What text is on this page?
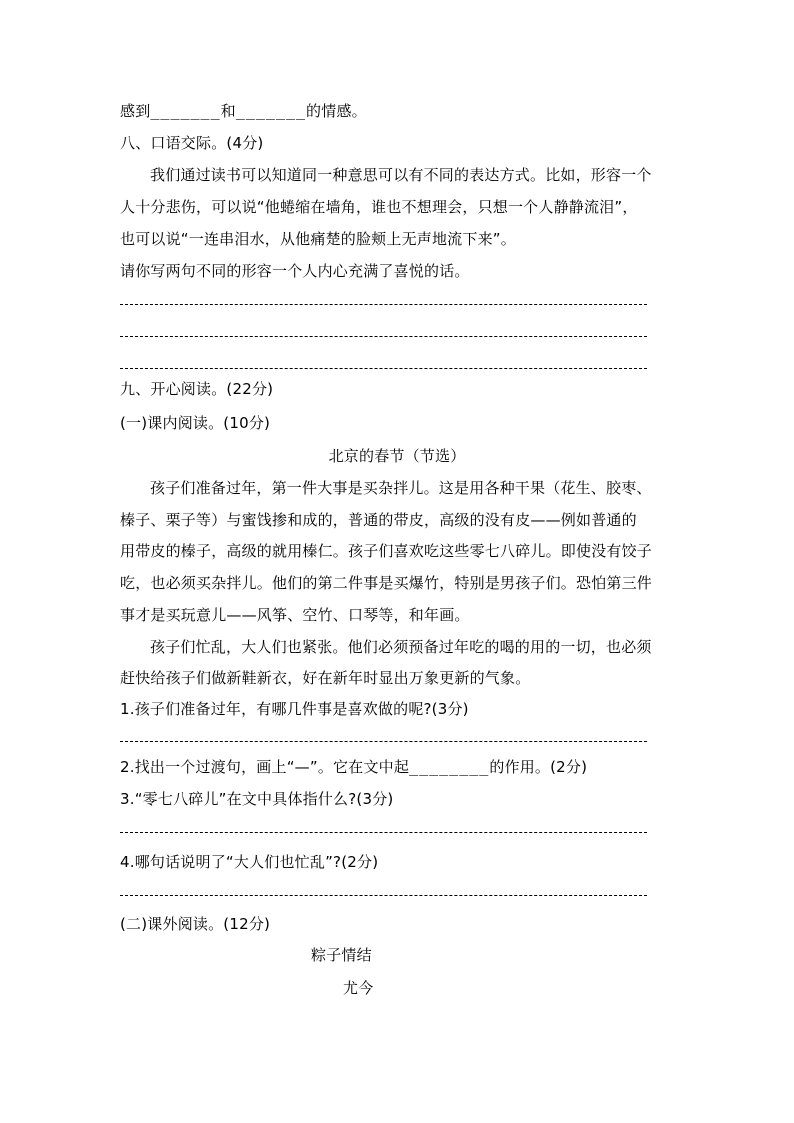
感到_______和_______的情感。
八、口语交际。(4分)
我们通过读书可以知道同一种意思可以有不同的表达方式。比如，形容一个
人十分悲伤，可以说“他蜷缩在墙角，谁也不想理会，只想一个人静静流泪”，
也可以说“一连串泪水，从他痛楚的脸颊上无声地流下来”。
请你写两句不同的形容一个人内心充满了喜悦的话。
九、开心阅读。(22分)
(一)课内阅读。(10分)
北京的春节（节选）
孩子们准备过年，第一件大事是买杂拌儿。这是用各种干果（花生、胶枣、
榛子、栗子等）与蜜饯掺和成的，普通的带皮，高级的没有皮——例如普通的
用带皮的榛子，高级的就用榛仁。孩子们喜欢吃这些零七八碎儿。即使没有饺子
吃，也必须买杂拌儿。他们的第二件事是买爆竹，特别是男孩子们。恐怕第三件
事才是买玩意儿——风筝、空竹、口琴等，和年画。
孩子们忙乱，大人们也紧张。他们必须预备过年吃的喝的用的一切，也必须
赶快给孩子们做新鞋新衣，好在新年时显出万象更新的气象。
1.孩子们准备过年，有哪几件事是喜欢做的呢?(3分)
2.找出一个过渡句，画上“—”。它在文中起________的作用。(2分)
3.“零七八碎儿”在文中具体指什么?(3分)
4.哪句话说明了“大人们也忙乱”?(2分)
(二)课外阅读。(12分)
粽子情结
尤今
